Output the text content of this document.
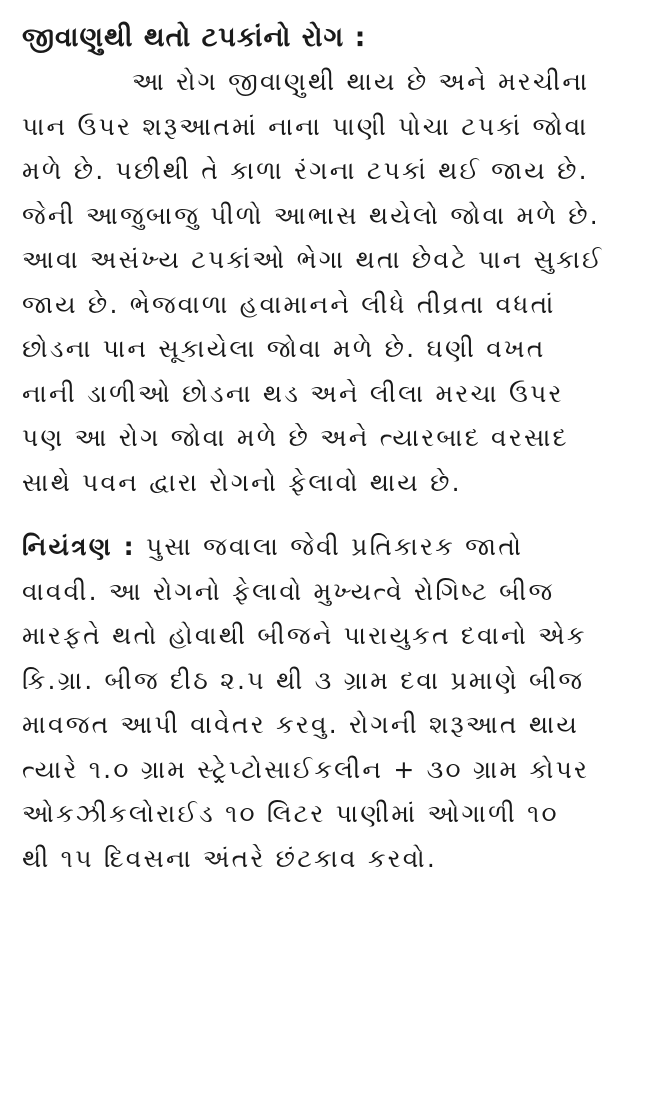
જીવાણુથી થતો ટપકાંનો રોગ :

આ રોગ જીવાણુથી થાય છે અને મરચીના
પાન ઉપર શરૂઆતમાં નાના પાણી પોચા ટપકાં જોવા
મળે છે. પછીથી તે કાળા રંગના ટપકાં થઈ જાય છે.
જેની આજુબાજુ પીળો આભાસ થયેલો જોવા મળે છે.
આવા અસંખ્ય ટપકાંઓ ભેગા થતા છેવટે પાન સુકાઈ
જાય છે. ભેજવાળા હવામાનને લીધે તીવ્રતા વધતાં
છોડના પાન સૂકાયેલા જોવા મળે છે. ઘણી વખત
નાની ડાળીઓ છોડના થડ અને લીલા મરચા ઉપર
પણ આ રોગ જોવા મળે છે અને ત્યારબાદ વરસાદ
સાથે પવન દ્વારા રોગનો ફેલાવો થાય છે.

નિયંત્રણ : પુસા જવાલા જેવી પ્રતિકારક જાતો
વાવવી. આ રોગનો ફેલાવો મુખ્યત્વે રોગિષ્ટ બીજ
મારફતે થતો હોવાથી બીજને પારાયુકત દવાનો એક
કિ.ગ્રા. બીજ દીઠ ૨.૫ થી ૩ ગ્રામ દવા પ્રમાણે બીજ
માવજત આપી વાવેતર કરવુ. રોગની શરૂઆત થાય
ત્યારે ૧.૦ ગ્રામ સ્ટ્રેપ્ટોસાઈકલીન + ૩૦ ગ્રામ કોપર
ઓકઝીકલોરાઈડ ૧૦ લિટર પાણીમાં ઓગાળી ૧૦
થી ૧૫ દિવસના અંતરે છંટકાવ કરવો.
